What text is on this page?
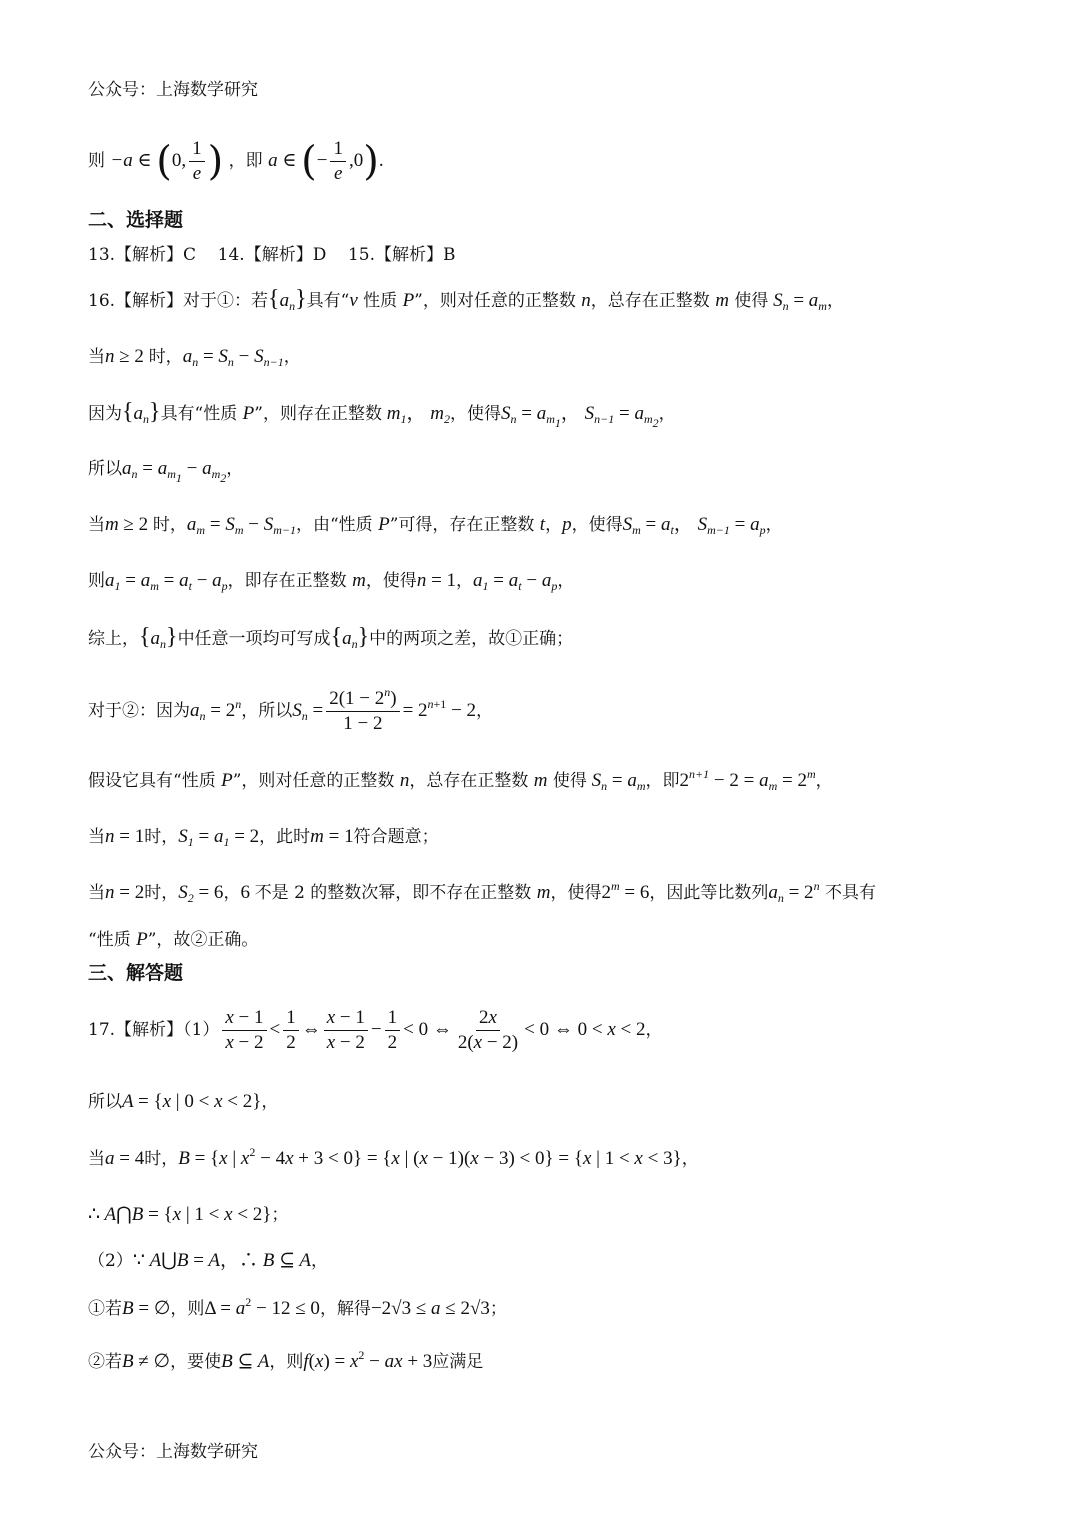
公众号：上海数学研究
则 −a ∈ (0, $\frac{1}{e}$ ) ，即 a ∈ (− $\frac{1}{e} ,0$).
二、选择题
13.【解析】C 14.【解析】D 15.【解析】B
16.【解析】对于①：若$\{a_n\}$具有“v 性质 P”，则对任意的正整数 n，总存在正整数 m 使得 $S_n = a_m$，
当n ≥ 2 时，$a_n = S_n - S_{n-1}$，
因为$\{a_n\}$具有“性质 P”，则存在正整数 $m_1$， $m_2$，使得$S_n = a_{m_1}$， $S_{n-1} = a_{m_2}$，
所以$a_n = a_{m_1} - a_{m_2}$，
当m ≥ 2 时，$a_m = S_m - S_{m-1}$，由“性质 P”可得，存在正整数 t，p，使得$S_m = a_t$， $S_{m-1} = a_p$，
则$a_1 = a_m = a_t - a_p$，即存在正整数 m，使得n = 1，$a_1 = a_t - a_p$，
综上，$\{a_n\}$中任意一项均可写成$\{a_n\}$中的两项之差，故①正确；
对于②：因为$a_n = 2^n$，所以$S_n = \frac{2(1 - 2^n)}{1 - 2} = 2^{n+1} - 2$，
假设它具有“性质 P”，则对任意的正整数 n，总存在正整数 m 使得 $S_n = a_m$，即$2^{n+1} - 2 = a_m = 2^m$，
当n = 1时，$S_1 = a_1 = 2$，此时m = 1符合题意；
当n = 2时，$S_2 = 6$，6 不是 2 的整数次幂，即不存在正整数 m，使得$2^m = 6$，因此等比数列$a_n = 2^n$ 不具有
“性质 P”，故②正确。
三、解答题
17.【解析】$(1) \frac{x - 1}{x - 2} < \frac{1}{2}$ ⇔ $\frac{x - 1}{x - 2} - \frac{1}{2} < 0$ ⇔ $\frac{2x}{2(x - 2)} < 0$ ⇔ 0 < x < 2，
所以A = {x | 0 < x < 2}，
当a = 4时，B = {x | $x^2 - 4x + 3 < 0\} = \{x$ | (x − 1)(x − 3) < 0} = {x | 1 < x < 3}，
∴ A⋂B = {x | 1 < x < 2}；
（2）∵ A⋃B = A，∴ B ⊆ A，
①若B = ∅，则$\Delta = a^2 - 12 \le 0$，解得−2√3 ≤ a ≤ 2√3；
②若B ≠ ∅，要使B ⊆ A，则$f(x) = x^2$ − ax + 3应满足
公众号：上海数学研究
